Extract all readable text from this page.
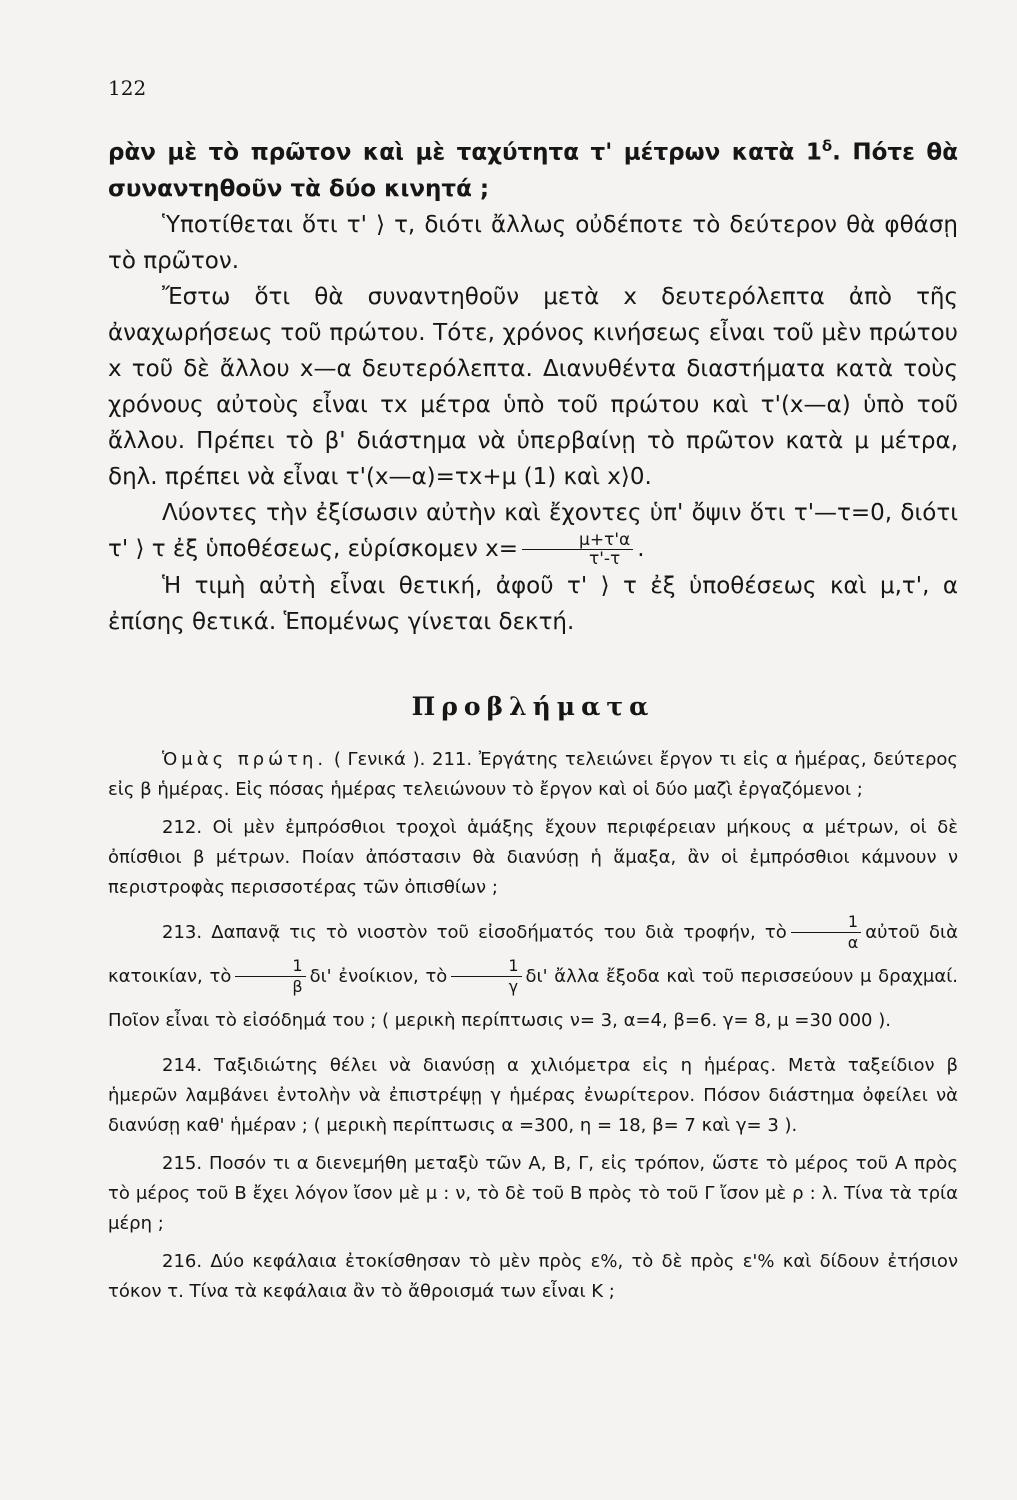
122

ρὰν μὲ τὸ πρῶτον καὶ μὲ ταχύτητα τ' μέτρων κατὰ $1^\delta$. Πότε θὰ συναντηθοῦν τὰ δύο κινητά ;

Ὑποτίθεται ὅτι τ' ⟩ τ, διότι ἄλλως οὐδέποτε τὸ δεύτερον θὰ φθάσῃ τὸ πρῶτον.

Ἔστω ὅτι θὰ συναντηθοῦν μετὰ x δευτερόλεπτα ἀπὸ τῆς ἀναχωρήσεως τοῦ πρώτου. Τότε, χρόνος κινήσεως εἶναι τοῦ μὲν πρώτου x τοῦ δὲ ἄλλου x—α δευτερόλεπτα. Διανυθέντα διαστήματα κατὰ τοὺς χρόνους αὐτοὺς εἶναι τx μέτρα ὑπὸ τοῦ πρώτου καὶ τ'(x—α) ὑπὸ τοῦ ἄλλου. Πρέπει τὸ β' διάστημα νὰ ὑπερβαίνῃ τὸ πρῶτον κατὰ μ μέτρα, δηλ. πρέπει νὰ εἶναι τ'(x—α)=τx+μ (1) καὶ x⟩0.

Λύοντες τὴν ἐξίσωσιν αὐτὴν καὶ ἔχοντες ὑπ' ὄψιν ὅτι τ'—τ=0, διότι τ' ⟩ τ ἐξ ὑποθέσεως, εὑρίσκομεν $x= \frac{\mu+\tau'\alpha}{\tau'-\tau}$ .

Ἡ τιμὴ αὐτὴ εἶναι θετική, ἀφοῦ τ' ⟩ τ ἐξ ὑποθέσεως καὶ μ,τ', α ἐπίσης θετικά. Ἑπομένως γίνεται δεκτή.

Προβλήματα

Ὁμὰς πρώτη. ( Γενικά ). 211. Ἐργάτης τελειώνει ἔργον τι εἰς α ἡμέρας, δεύτερος εἰς β ἡμέρας. Εἰς πόσας ἡμέρας τελειώνουν τὸ ἔργον καὶ οἱ δύο μαζὶ ἐργαζόμενοι ;

212. Οἱ μὲν ἐμπρόσθιοι τροχοὶ ἁμάξης ἔχουν περιφέρειαν μήκους α μέτρων, οἱ δὲ ὀπίσθιοι β μέτρων. Ποίαν ἀπόστασιν θὰ διανύσῃ ἡ ἅμαξα, ἂν οἱ ἐμπρόσθιοι κάμνουν ν περιστροφὰς περισσοτέρας τῶν ὀπισθίων ;

213. Δαπανᾷ τις τὸ νιοστὸν τοῦ εἰσοδήματός του διὰ τροφήν, τὸ $\frac{1}{\alpha}$ αὐτοῦ διὰ κατοικίαν, τὸ $\frac{1}{\beta} \delta\iota'$ ἐνοίκιον, τὸ $\frac{1}{\gamma} \delta\iota'$ ἄλλα ἔξοδα καὶ τοῦ περισσεύουν μ δραχμαί. Ποῖον εἶναι τὸ εἰσόδημά του ; ( μερικὴ περίπτωσις ν= 3, α=4, β=6. γ= 8, μ =30 000 ).

214. Ταξιδιώτης θέλει νὰ διανύσῃ α χιλιόμετρα εἰς η ἡμέρας. Μετὰ ταξείδιον β ἡμερῶν λαμβάνει ἐντολὴν νὰ ἐπιστρέψῃ γ ἡμέρας ἐνωρίτερον. Πόσον διάστημα ὀφείλει νὰ διανύσῃ καθ' ἡμέραν ; ( μερικὴ περίπτωσις α =300, η = 18, β= 7 καὶ γ= 3 ).

215. Ποσόν τι α διενεμήθη μεταξὺ τῶν Α, Β, Γ, εἰς τρόπον, ὥστε τὸ μέρος τοῦ Α πρὸς τὸ μέρος τοῦ Β ἔχει λόγον ἴσον μὲ μ : ν, τὸ δὲ τοῦ Β πρὸς τὸ τοῦ Γ ἴσον μὲ ρ : λ. Τίνα τὰ τρία μέρη ;

216. Δύο κεφάλαια ἐτοκίσθησαν τὸ μὲν πρὸς ε%, τὸ δὲ πρὸς ε'% καὶ δίδουν ἐτήσιον τόκον τ. Τίνα τὰ κεφάλαια ἂν τὸ ἄθροισμά των εἶναι Κ ;
